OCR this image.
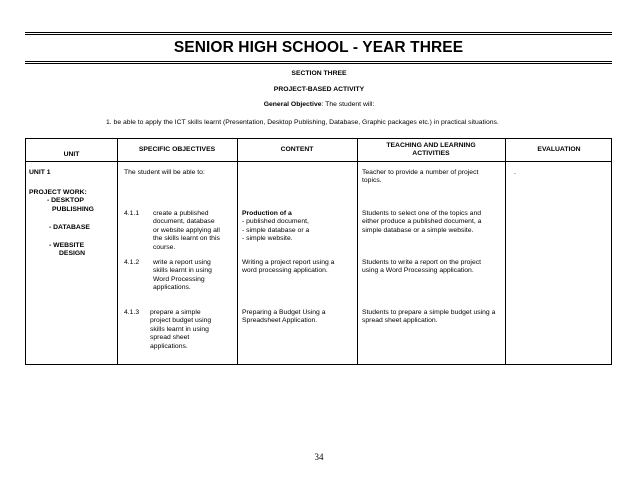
SENIOR HIGH SCHOOL - YEAR THREE
SECTION THREE
PROJECT-BASED ACTIVITY
General Objective: The student will:
1. be able to apply the ICT skills learnt (Presentation, Desktop Publishing, Database, Graphic packages etc.) in practical situations.
UNIT
SPECIFIC OBJECTIVES	CONTENT
TEACHING AND LEARNING
ACTIVITIES
EVALUATION
UNIT 1
PROJECT WORK:
- DESKTOP
PUBLISHING
- DATABASE
- WEBSITE
DESIGN
The student will be able to:	Teacher to provide a number of project
topics.
.
4.1.1 create a published
document, database
or website applying all
the skills learnt on this
course.
Production of a
- published document,
- simple database or a
- simple website.
Students to select one of the topics and
either produce a published document, a
simple database or a simple website.
4.1.2 write a report using
skills learnt in using
Word Processing
applications.
Writing a project report using a
word processing application.
Students to write a report on the project
using a Word Processing application.
4.1.3 prepare a simple
project budget using
skills learnt in using
spread sheet
applications.
Preparing a Budget Using a
Spreadsheet Application.
Students to prepare a simple budget using a
spread sheet application.
34
